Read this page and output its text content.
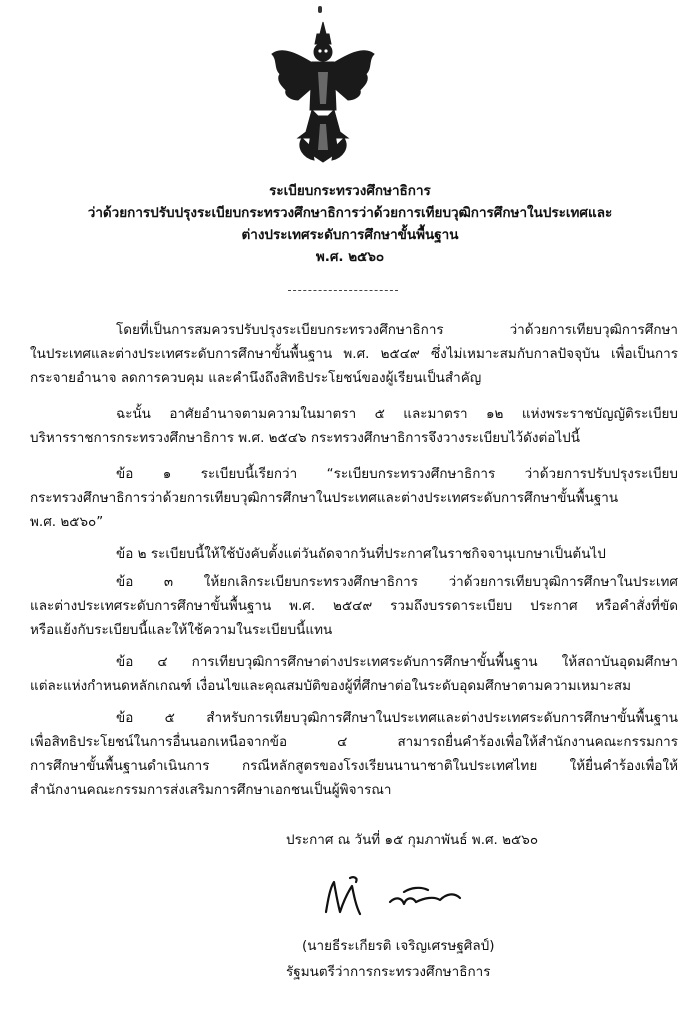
ระเบียบกระทรวงศึกษาธิการ
ว่าด้วยการปรับปรุงระเบียบกระทรวงศึกษาธิการว่าด้วยการเทียบวุฒิการศึกษาในประเทศและ
ต่างประเทศระดับการศึกษาขั้นพื้นฐาน
พ.ศ. ๒๕๖๐
โดยที่เป็นการสมควรปรับปรุงระเบียบกระทรวงศึกษาธิการ ว่าด้วยการเทียบวุฒิการศึกษา
ในประเทศและต่างประเทศระดับการศึกษาขั้นพื้นฐาน พ.ศ. ๒๕๔๙ ซึ่งไม่เหมาะสมกับกาลปัจจุบัน เพื่อเป็นการ
กระจายอำนาจ ลดการควบคุม และคำนึงถึงสิทธิประโยชน์ของผู้เรียนเป็นสำคัญ
ฉะนั้น อาศัยอำนาจตามความในมาตรา ๕ และมาตรา ๑๒ แห่งพระราชบัญญัติระเบียบ
บริหารราชการกระทรวงศึกษาธิการ พ.ศ. ๒๕๔๖ กระทรวงศึกษาธิการจึงวางระเบียบไว้ดังต่อไปนี้
ข้อ ๑ ระเบียบนี้เรียกว่า “ระเบียบกระทรวงศึกษาธิการ ว่าด้วยการปรับปรุงระเบียบ
กระทรวงศึกษาธิการว่าด้วยการเทียบวุฒิการศึกษาในประเทศและต่างประเทศระดับการศึกษาขั้นพื้นฐาน
พ.ศ. ๒๕๖๐”
ข้อ ๒ ระเบียบนี้ให้ใช้บังคับตั้งแต่วันถัดจากวันที่ประกาศในราชกิจจานุเบกษาเป็นต้นไป
ข้อ ๓ ให้ยกเลิกระเบียบกระทรวงศึกษาธิการ ว่าด้วยการเทียบวุฒิการศึกษาในประเทศ
และต่างประเทศระดับการศึกษาขั้นพื้นฐาน พ.ศ. ๒๕๔๙ รวมถึงบรรดาระเบียบ ประกาศ หรือคำสั่งที่ขัด
หรือแย้งกับระเบียบนี้และให้ใช้ความในระเบียบนี้แทน
ข้อ ๔ การเทียบวุฒิการศึกษาต่างประเทศระดับการศึกษาขั้นพื้นฐาน ให้สถาบันอุดมศึกษา
แต่ละแห่งกำหนดหลักเกณฑ์ เงื่อนไขและคุณสมบัติของผู้ที่ศึกษาต่อในระดับอุดมศึกษาตามความเหมาะสม
ข้อ ๕ สำหรับการเทียบวุฒิการศึกษาในประเทศและต่างประเทศระดับการศึกษาขั้นพื้นฐาน
เพื่อสิทธิประโยชน์ในการอื่นนอกเหนือจากข้อ ๔ สามารถยื่นคำร้องเพื่อให้สำนักงานคณะกรรมการ
การศึกษาขั้นพื้นฐานดำเนินการ กรณีหลักสูตรของโรงเรียนนานาชาติในประเทศไทย ให้ยื่นคำร้องเพื่อให้
สำนักงานคณะกรรมการส่งเสริมการศึกษาเอกชนเป็นผู้พิจารณา
ประกาศ ณ วันที่ ๑๕ กุมภาพันธ์ พ.ศ. ๒๕๖๐
(นายธีระเกียรติ เจริญเศรษฐศิลป์)
รัฐมนตรีว่าการกระทรวงศึกษาธิการ
